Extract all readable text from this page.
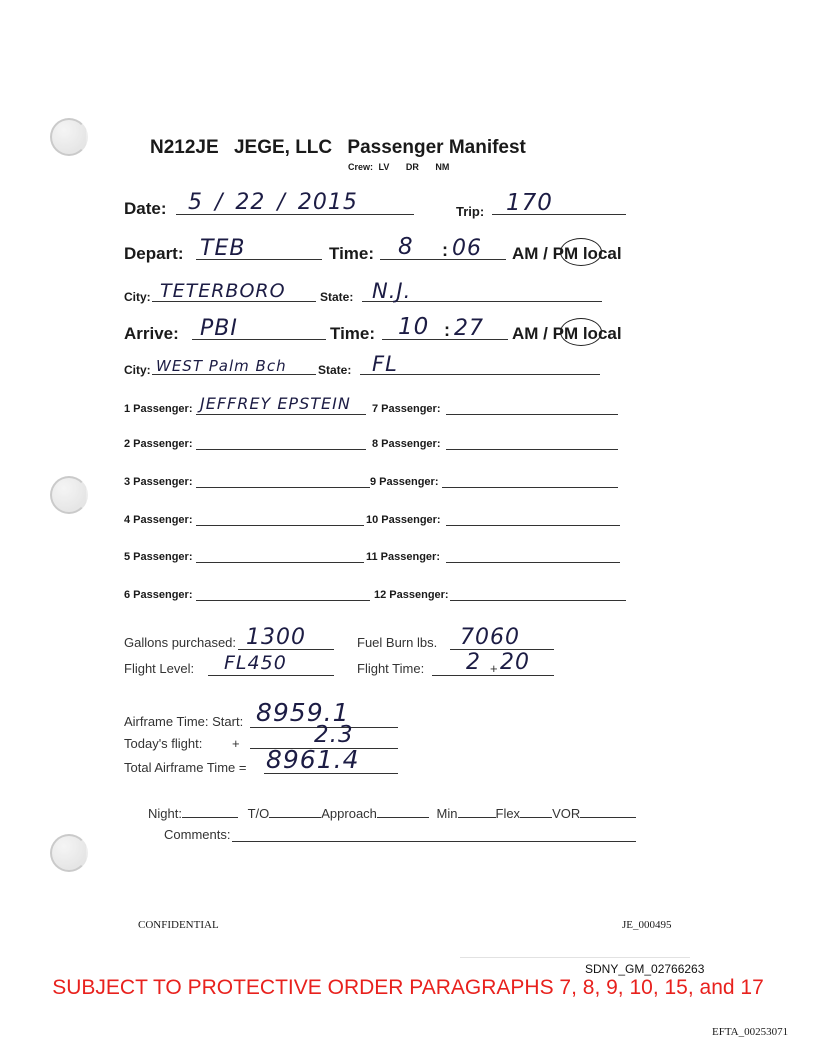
N212JE JEGE, LLC Passenger Manifest
Crew: LV DR NM
Date: 5 / 22 / 2015	Trip: 170
Depart: TEB	Time: 8 : 06 AM / PM local
City: TETERBORO	State: N.J.
Arrive: PBI	Time: 10 : 27 AM / PM local
City: WEST Palm Bch	State: FL
1 Passenger: JEFFREY EPSTEIN 7 Passenger:
2 Passenger:	8 Passenger:
3 Passenger:	9 Passenger:
4 Passenger:	10 Passenger:
5 Passenger:	11 Passenger:
6 Passenger:	12 Passenger:
Gallons purchased: 1300	Fuel Burn lbs. 7060
Flight Level: FL450	Flight Time: 2 + 20
Airframe Time: Start: 8959.1
Today's flight: +	2.3
Total Airframe Time = 8961.4
Night:	T/O	Approach	Min	Flex VOR
Comments:
CONFIDENTIAL	JE_000495
SDNY_GM_02766263
SUBJECT TO PROTECTIVE ORDER PARAGRAPHS 7, 8, 9, 10, 15, and 17
EFTA_00253071
